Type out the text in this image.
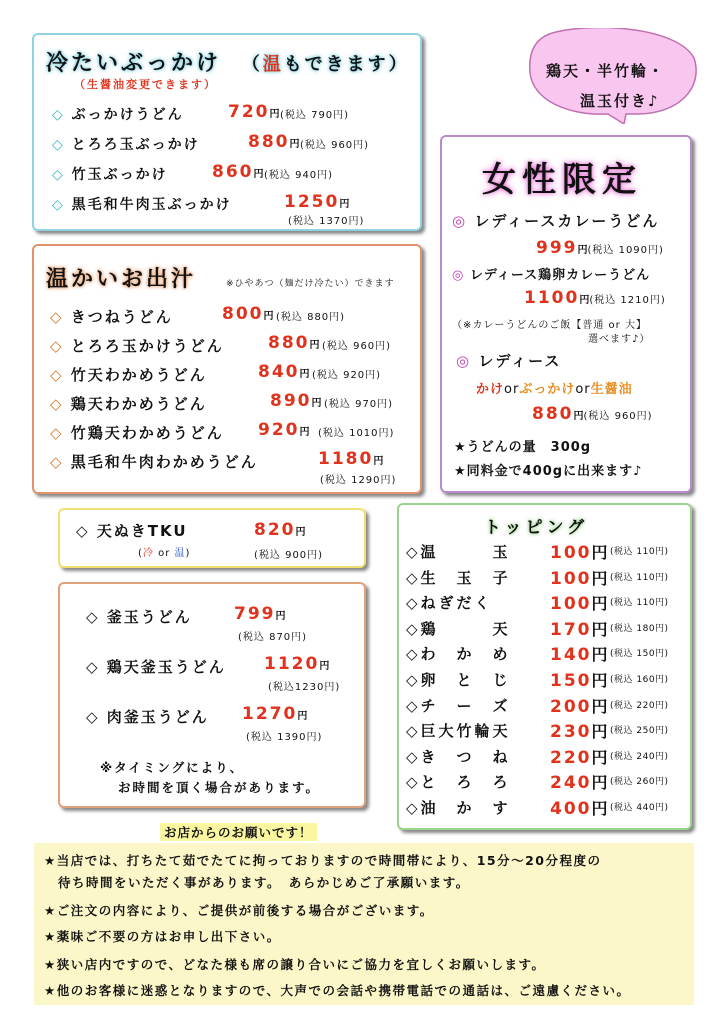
冷たいぶっかけ （温もできます）
（生醤油変更できます）
◇ ぶっかけうどん	720円 (税込 790円)
◇ とろろ玉ぶっかけ	880円 (税込 960円)
◇ 竹玉ぶっかけ	860円 (税込 940円)
◇ 黒毛和牛肉玉ぶっかけ	1250円
(税込 1370円)
温かいお出汁	※ひやあつ（麺だけ冷たい）できます
◇ きつねうどん	800円 (税込 880円)
◇ とろろ玉かけうどん	880円 (税込 960円)
◇ 竹天わかめうどん	840円 (税込 920円)
◇ 鶏天わかめうどん	890円 (税込 970円)
◇ 竹鶏天わかめうどん 920円 (税込 1010円)
◇ 黒毛和牛肉わかめうどん	1180円
(税込 1290円)
鶏天・半竹輪・
温玉付き♪
女性限定
◎ レディースカレーうどん
999円(税込 1090円)
◎ レディース鶏卵カレーうどん
1100円(税込 1210円)
（※カレーうどんのご飯【普通 or 大】
選べます♪）
◎ レディース
かけorぶっかけor生醤油
880円(税込 960円)
★うどんの量　300g
★同料金で400gに出来ます♪
◇ 天ぬきTKU	820円
(冷 or 温)	(税込 900円)
◇ 釜玉うどん 799円
(税込 870円)
◇ 鶏天釜玉うどん 1120円
(税込1230円)
◇ 肉釜玉うどん 1270円
(税込 1390円)
※タイミングにより、
お時間を頂く場合があります。
トッピング
◇温　　　玉 100円 (税込 110円)
◇生　玉　子 100円 (税込 110円)
◇ねぎだく	100円 (税込 110円)
◇鶏　　　天 170円 (税込 180円)
◇わ　か　め 140円 (税込 150円)
◇卵　と　じ 150円 (税込 160円)
◇チ　ー　ズ 200円 (税込 220円)
◇巨大竹輪天 230円 (税込 250円)
◇き　つ　ね 220円 (税込 240円)
◇と　ろ　ろ 240円 (税込 260円)
◇油　か　す 400円 (税込 440円)
お店からのお願いです！

★当店では、打ちたて茹でたてに拘っておりますので時間帯により、15分～20分程度の

待ち時間をいただく事があります。　あらかじめご了承願います。

★ご注文の内容により、ご提供が前後する場合がございます。

★薬味ご不要の方はお申し出下さい。

★狭い店内ですので、どなた様も席の譲り合いにご協力を宜しくお願いします。

★他のお客様に迷惑となりますので、大声での会話や携帯電話での通話は、ご遠慮ください。
